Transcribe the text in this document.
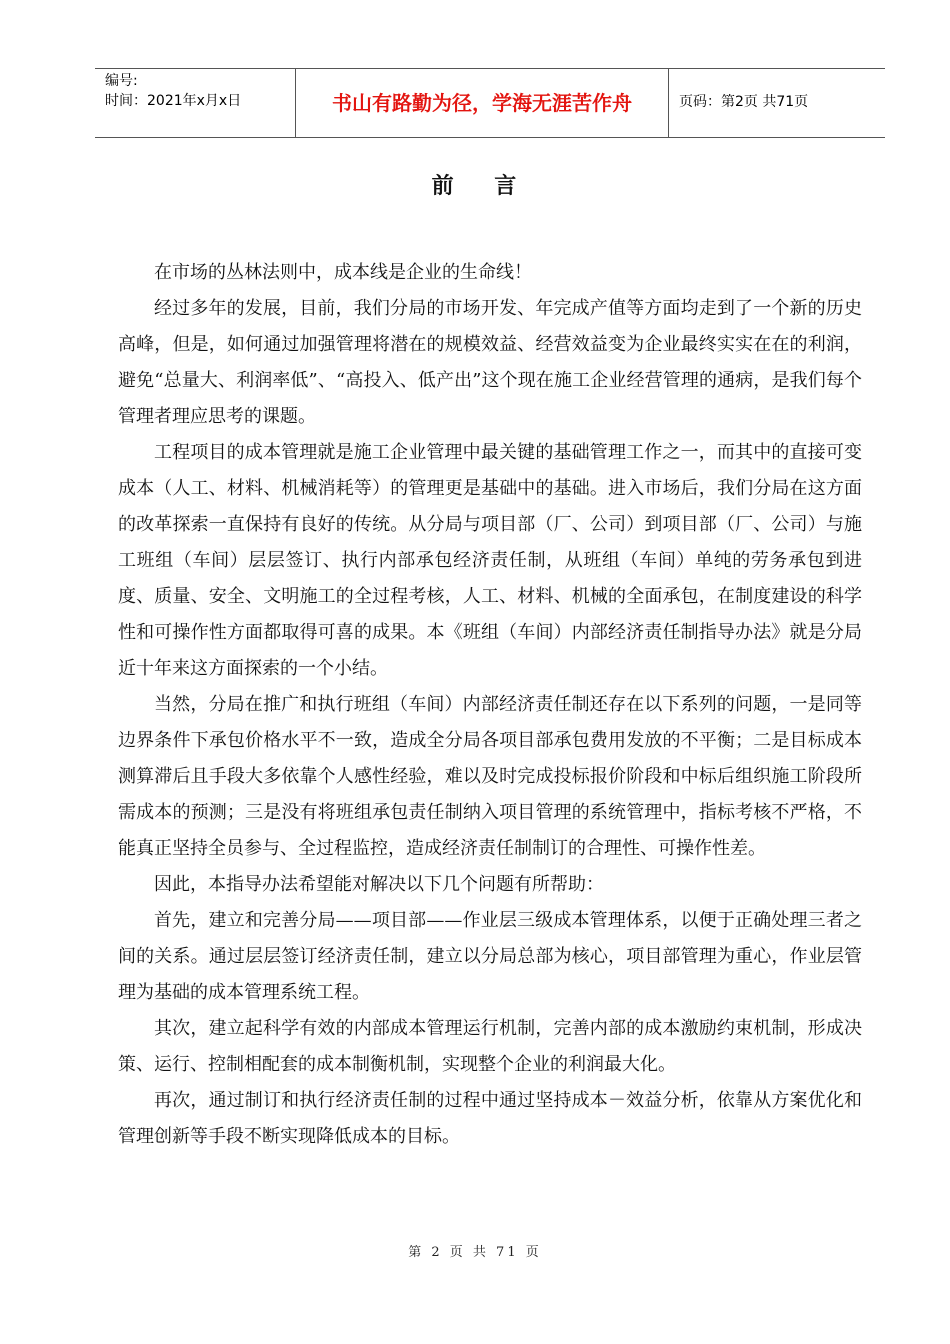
编号:
时间：2021年x月x日	书山有路勤为径，学海无涯苦作舟	页码：第2页 共71页
前    言

在市场的丛林法则中，成本线是企业的生命线！

经过多年的发展，目前，我们分局的市场开发、年完成产值等方面均走到了一个新的历史高峰，但是，如何通过加强管理将潜在的规模效益、经营效益变为企业最终实实在在的利润，避免“总量大、利润率低”、“高投入、低产出”这个现在施工企业经营管理的通病，是我们每个管理者理应思考的课题。

工程项目的成本管理就是施工企业管理中最关键的基础管理工作之一，而其中的直接可变成本（人工、材料、机械消耗等）的管理更是基础中的基础。进入市场后，我们分局在这方面的改革探索一直保持有良好的传统。从分局与项目部（厂、公司）到项目部（厂、公司）与施工班组（车间）层层签订、执行内部承包经济责任制，从班组（车间）单纯的劳务承包到进度、质量、安全、文明施工的全过程考核，人工、材料、机械的全面承包，在制度建设的科学性和可操作性方面都取得可喜的成果。本《班组（车间）内部经济责任制指导办法》就是分局近十年来这方面探索的一个小结。

当然，分局在推广和执行班组（车间）内部经济责任制还存在以下系列的问题，一是同等边界条件下承包价格水平不一致，造成全分局各项目部承包费用发放的不平衡；二是目标成本测算滞后且手段大多依靠个人感性经验，难以及时完成投标报价阶段和中标后组织施工阶段所需成本的预测；三是没有将班组承包责任制纳入项目管理的系统管理中，指标考核不严格，不能真正坚持全员参与、全过程监控，造成经济责任制制订的合理性、可操作性差。

因此，本指导办法希望能对解决以下几个问题有所帮助：

首先，建立和完善分局——项目部——作业层三级成本管理体系，以便于正确处理三者之间的关系。通过层层签订经济责任制，建立以分局总部为核心，项目部管理为重心，作业层管理为基础的成本管理系统工程。

其次，建立起科学有效的内部成本管理运行机制，完善内部的成本激励约束机制，形成决策、运行、控制相配套的成本制衡机制，实现整个企业的利润最大化。

再次，通过制订和执行经济责任制的过程中通过坚持成本－效益分析，依靠从方案优化和管理创新等手段不断实现降低成本的目标。

第 2 页 共 71 页
